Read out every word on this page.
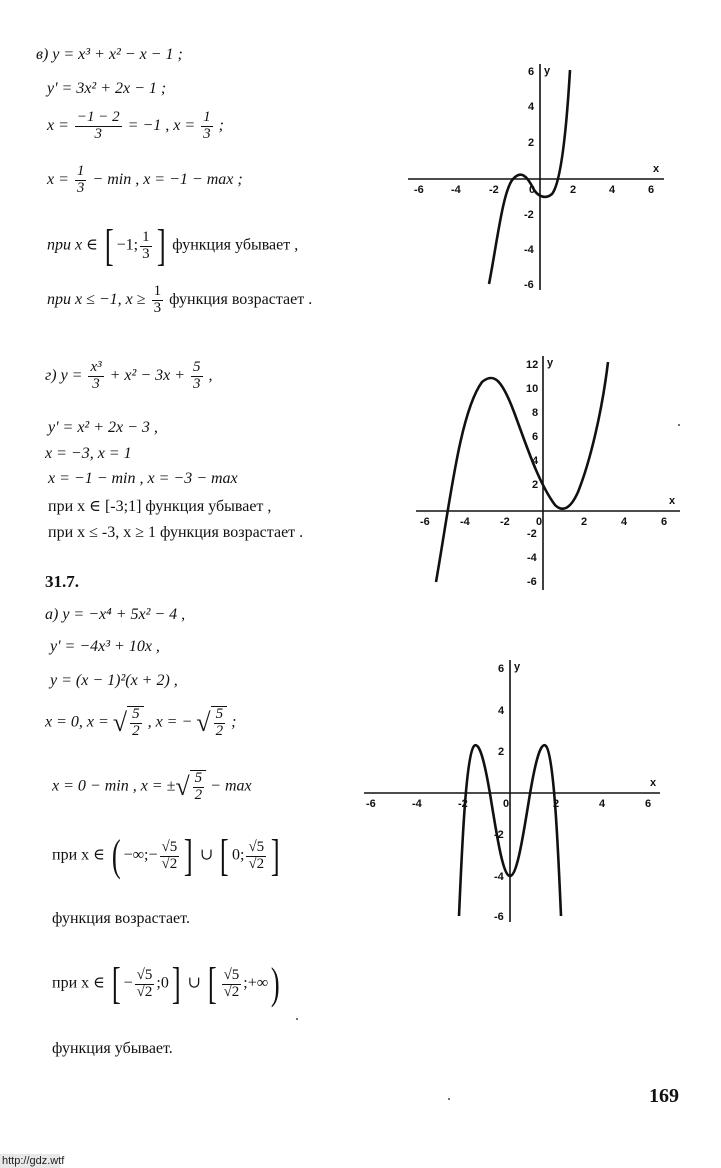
в) y = x³ + x² − x − 1 ;
y' = 3x² + 2x − 1 ;
$x = \frac{-1 - 2}{3} = -1$ , $x = \frac{1}{3}$ ;
$x = \frac{1}{3} - \min$ , x = −1 − max ;
при x ∈ [ −1; $\frac{1}{3}$ ] функция убывает ,
при x ≤ −1, $x \ge \frac{1}{3}$ функция возрастает .
x
y
-6 -4	-2	0	2	4	6
6
4
2
-2
-4
-6
г) $y = \frac{\text{x³}}{3} + x^2 - 3x + \frac{5}{3}$ ,
y' = x² + 2x − 3 ,
x = −3, x = 1
x = −1 − min , x = −3 − max
при x ∈ [-3;1] функция убывает ,
при x ≤ -3, x ≥ 1 функция возрастает .
x
y
-6	-4	-2 0	2	4	6
12
10
8
6
4
2
-2
-4
-6
31.7.
а) y = −x⁴ + 5x² − 4 ,
y' = −4x³ + 10x ,
y = (x − 1)²(x + 2) ,
x = 0, x = √ $\frac{5}{2}$ , x = − √ $\frac{5}{2}$ ;
x = 0 − min , x = ± √ $\frac{5}{2} - \max$
при x ∈ ( −∞;− $\frac{√5}{√2}$ ] ∪ [ 0; $\frac{√5}{√2}$ ]
функция возрастает.
при x ∈ [ − $\frac{√5}{√2}$ ;0] ∪ [ $\frac{√5}{√2}$ ;+∞)
функция убывает.
x
y
-6	-4	-2	0	2	4	6
6
4
2
-2
-4
-6
169
http://gdz.wtf
